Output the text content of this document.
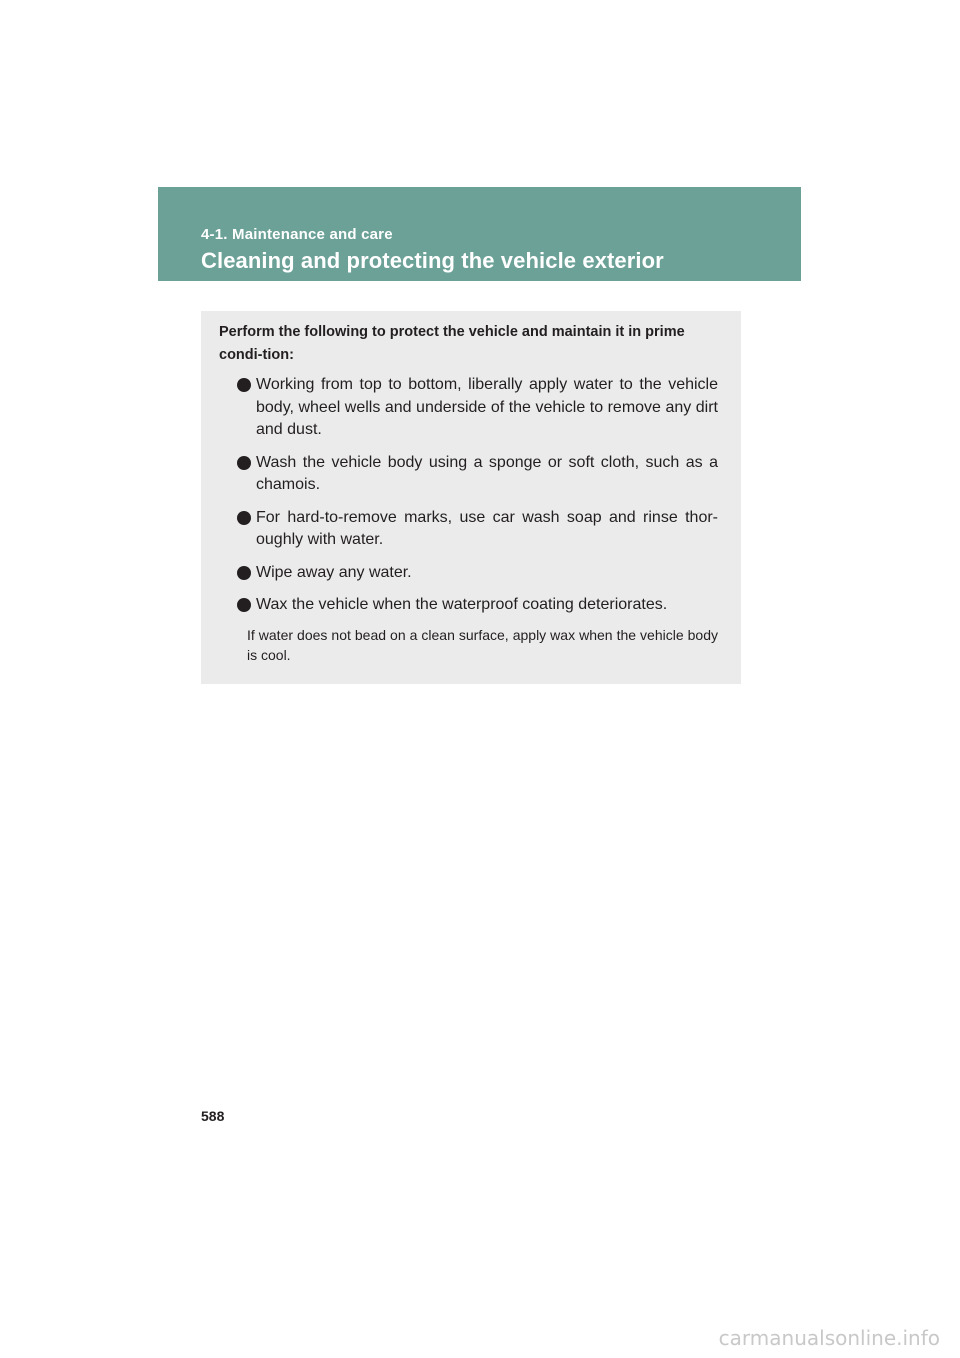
4-1. Maintenance and care
Cleaning and protecting the vehicle exterior

Perform the following to protect the vehicle and maintain it in prime condi-tion:

Working from top to bottom, liberally apply water to the vehicle body, wheel wells and underside of the vehicle to remove any dirt and dust.
Wash the vehicle body using a sponge or soft cloth, such as a chamois.
For hard-to-remove marks, use car wash soap and rinse thor-oughly with water.
Wipe away any water.
Wax the vehicle when the waterproof coating deteriorates.

If water does not bead on a clean surface, apply wax when the vehicle body is cool.

588
carmanualsonline.info
